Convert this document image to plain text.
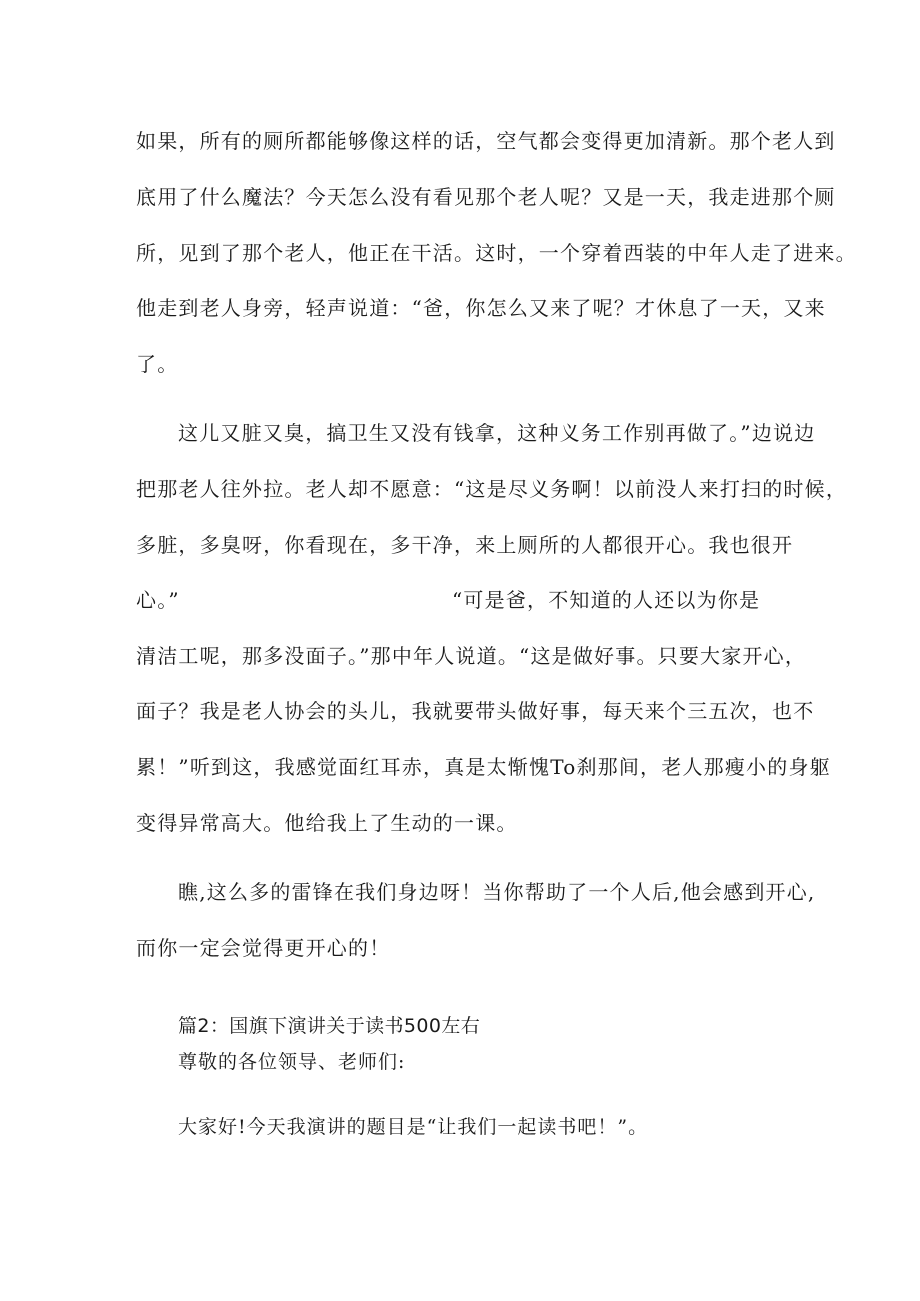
如果，所有的厕所都能够像这样的话，空气都会变得更加清新。那个老人到
底用了什么魔法？今天怎么没有看见那个老人呢？又是一天，我走进那个厕
所，见到了那个老人，他正在干活。这时，一个穿着西装的中年人走了进来。
他走到老人身旁，轻声说道：“爸，你怎么又来了呢？才休息了一天，又来
了。
这儿又脏又臭，搞卫生又没有钱拿，这种义务工作别再做了。”边说边
把那老人往外拉。老人却不愿意：“这是尽义务啊！以前没人来打扫的时候，
多脏，多臭呀，你看现在，多干净，来上厕所的人都很开心。我也很开
心。”	“可是爸，不知道的人还以为你是
清洁工呢，那多没面子。”那中年人说道。“这是做好事。只要大家开心，
面子？我是老人协会的头儿，我就要带头做好事，每天来个三五次，也不
累！”听到这，我感觉面红耳赤，真是太惭愧To刹那间，老人那瘦小的身躯
变得异常高大。他给我上了生动的一课。
瞧,这么多的雷锋在我们身边呀！当你帮助了一个人后,他会感到开心,
而你一定会觉得更开心的！
篇2：国旗下演讲关于读书500左右
尊敬的各位领导、老师们:
大家好!今天我演讲的题目是“让我们一起读书吧！”。
